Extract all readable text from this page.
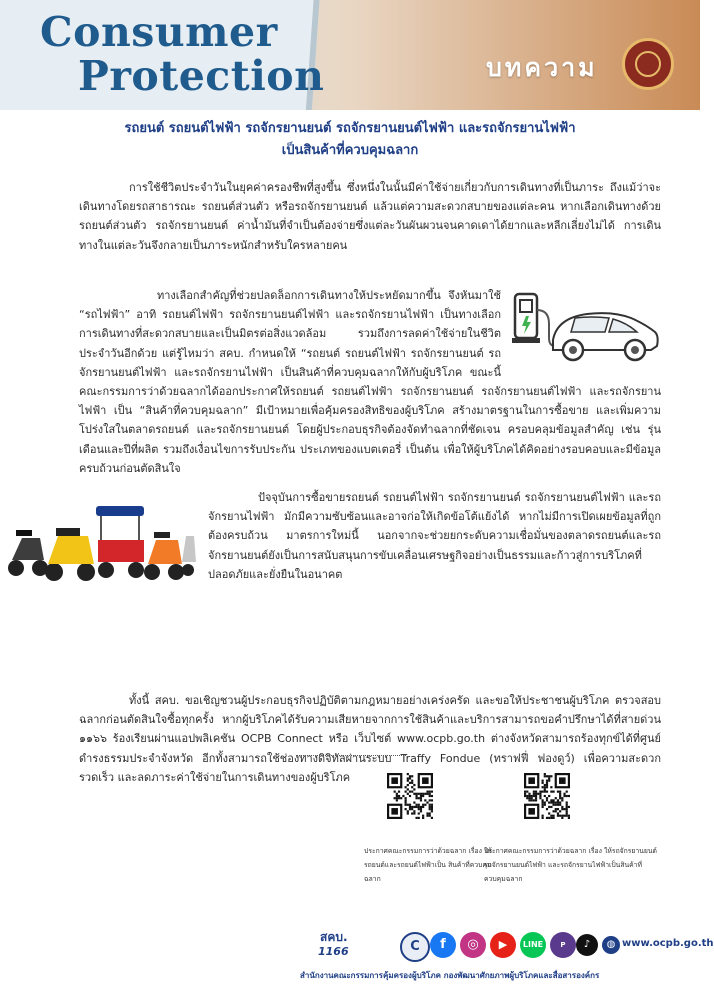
Consumer
Protection	บทความ
รถยนต์ รถยนต์ไฟฟ้า รถจักรยานยนต์ รถจักรยานยนต์ไฟฟ้า และรถจักรยานไฟฟ้า
เป็นสินค้าที่ควบคุมฉลาก

การใช้ชีวิตประจำวันในยุคค่าครองชีพที่สูงขึ้น ซึ่งหนึ่งในนั้นมีค่าใช้จ่ายเกี่ยวกับการเดินทางที่เป็นภาระ ถึงแม้ว่าจะเดินทางโดยรถสาธารณะ รถยนต์ส่วนตัว หรือรถจักรยานยนต์ แล้วแต่ความสะดวกสบายของแต่ละคน หากเลือกเดินทางด้วยรถยนต์ส่วนตัว รถจักรยานยนต์ ค่าน้ำมันที่จำเป็นต้องจ่ายซึ่งแต่ละวันผันผวนจนคาดเดาได้ยากและหลีกเลี่ยงไม่ได้ การเดินทางในแต่ละวันจึงกลายเป็นภาระหนักสำหรับใครหลายคน

ทางเลือกสำคัญที่ช่วยปลดล็อกการเดินทางให้ประหยัดมากขึ้น จึงหันมาใช้ “รถไฟฟ้า” อาทิ รถยนต์ไฟฟ้า รถจักรยานยนต์ไฟฟ้า และรถจักรยานไฟฟ้า เป็นทางเลือกการเดินทางที่สะดวกสบายและเป็นมิตรต่อสิ่งแวดล้อม รวมถึงการลดค่าใช้จ่ายในชีวิตประจำวันอีกด้วย แต่รู้ไหมว่า สคบ. กำหนดให้ “รถยนต์ รถยนต์ไฟฟ้า รถจักรยานยนต์ รถจักรยานยนต์ไฟฟ้า และรถจักรยานไฟฟ้า เป็นสินค้าที่ควบคุมฉลากให้กับผู้บริโภค ขณะนี้คณะกรรมการว่าด้วยฉลากได้ออกประกาศให้รถยนต์ รถยนต์ไฟฟ้า รถจักรยานยนต์ รถจักรยานยนต์ไฟฟ้า และรถจักรยานไฟฟ้า เป็น “สินค้าที่ควบคุมฉลาก” มีเป้าหมายเพื่อคุ้มครองสิทธิของผู้บริโภค สร้างมาตรฐานในการซื้อขาย และเพิ่มความโปร่งใสในตลาดรถยนต์ และรถจักรยานยนต์ โดยผู้ประกอบธุรกิจต้องจัดทำฉลากที่ชัดเจน ครอบคลุมข้อมูลสำคัญ เช่น รุ่น เดือนและปีที่ผลิต รวมถึงเงื่อนไขการรับประกัน ประเภทของแบตเตอรี่ เป็นต้น เพื่อให้ผู้บริโภคได้คิดอย่างรอบคอบและมีข้อมูลครบถ้วนก่อนตัดสินใจ
ปัจจุบันการซื้อขายรถยนต์ รถยนต์ไฟฟ้า รถจักรยานยนต์ รถจักรยานยนต์ไฟฟ้า และรถจักรยานไฟฟ้า มักมีความซับซ้อนและอาจก่อให้เกิดข้อโต้แย้งได้ หากไม่มีการเปิดเผยข้อมูลที่ถูกต้องครบถ้วน มาตรการใหม่นี้ นอกจากจะช่วยยกระดับความเชื่อมั่นของตลาดรถยนต์และรถจักรยานยนต์ยังเป็นการสนับสนุนการขับเคลื่อนเศรษฐกิจอย่างเป็นธรรมและก้าวสู่การบริโภคที่ปลอดภัยและยั่งยืนในอนาคต

ทั้งนี้ สคบ. ขอเชิญชวนผู้ประกอบธุรกิจปฏิบัติตามกฎหมายอย่างเคร่งครัด และขอให้ประชาชนผู้บริโภค ตรวจสอบฉลากก่อนตัดสินใจซื้อทุกครั้ง หากผู้บริโภคได้รับความเสียหายจากการใช้สินค้าและบริการสามารถขอคำปรึกษาได้ที่สายด่วน ๑๑๖๖ ร้องเรียนผ่านแอปพลิเคชัน OCPB Connect หรือ เว็บไซต์ www.ocpb.go.th ต่างจังหวัดสามารถร้องทุกข์ได้ที่ศูนย์ดำรงธรรมประจำจังหวัด อีกทั้งสามารถใช้ช่องทางดิจิทัลผ่านระบบ Traffy Fondue (ทราฟฟี่ ฟองดูว์) เพื่อความสะดวก รวดเร็ว และลดภาระค่าใช้จ่ายในการเดินทางของผู้บริโภค

ประกาศคณะกรรมการว่าด้วยฉลาก เรื่อง ให้รถยนต์และรถยนต์ไฟฟ้าเป็น สินค้าที่ควบคุมฉลาก
ประกาศคณะกรรมการว่าด้วยฉลาก เรื่อง ให้รถจักรยานยนต์ รถจักรยานยนต์ไฟฟ้า และรถจักรยานไฟฟ้าเป็นสินค้าที่ควบคุมฉลาก
สคบ.
1166	C	f	◎	▶	LINE	P	♪	◍ www.ocpb.go.th
สำนักงานคณะกรรมการคุ้มครองผู้บริโภค กองพัฒนาศักยภาพผู้บริโภคและสื่อสารองค์กร
